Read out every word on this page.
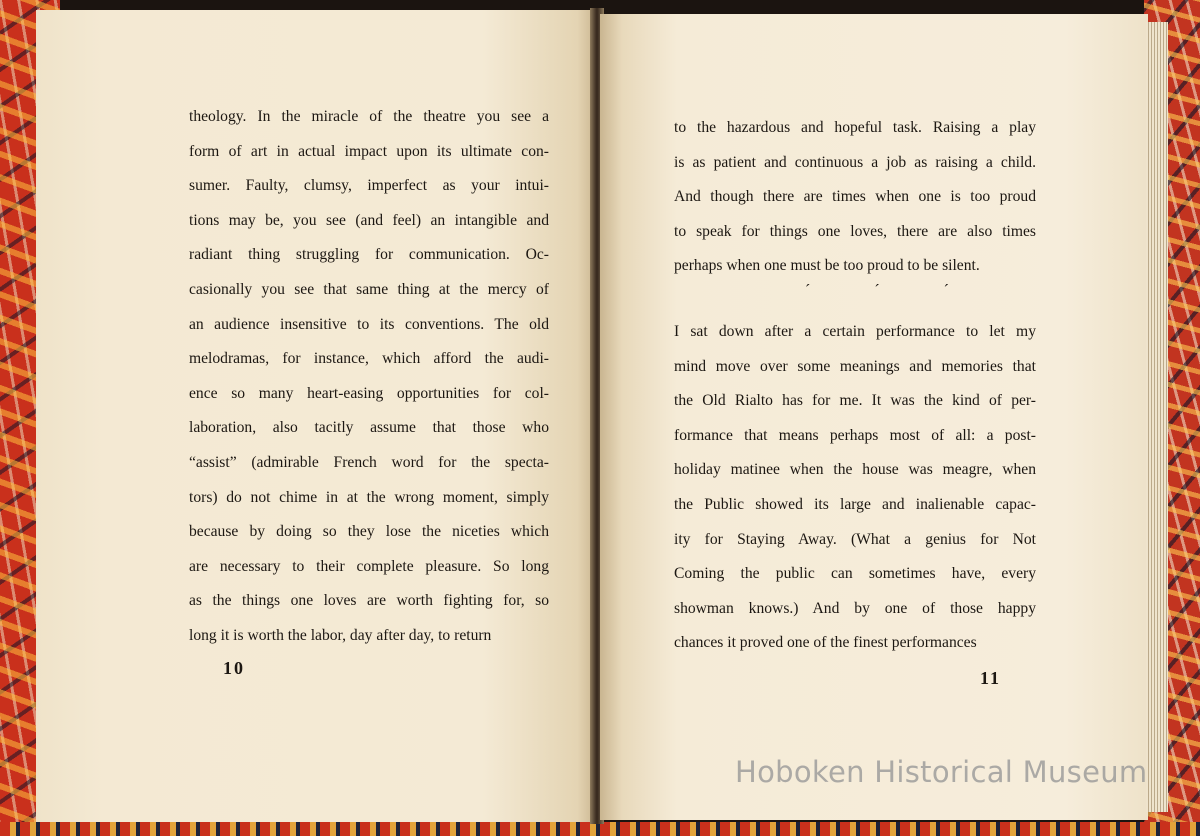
theology. In the miracle of the theatre you see a
form of art in actual impact upon its ultimate con-
sumer. Faulty, clumsy, imperfect as your intui-
tions may be, you see (and feel) an intangible and
radiant thing struggling for communication. Oc-
casionally you see that same thing at the mercy of
an audience insensitive to its conventions. The old
melodramas, for instance, which afford the audi-
ence so many heart-easing opportunities for col-
laboration, also tacitly assume that those who
“assist” (admirable French word for the specta-
tors) do not chime in at the wrong moment, simply
because by doing so they lose the niceties which
are necessary to their complete pleasure. So long
as the things one loves are worth fighting for, so
long it is worth the labor, day after day, to return
10
to the hazardous and hopeful task. Raising a play
is as patient and continuous a job as raising a child.
And though there are times when one is too proud
to speak for things one loves, there are also times
perhaps when one must be too proud to be silent.
ˊ ˊ ˊ
I sat down after a certain performance to let my
mind move over some meanings and memories that
the Old Rialto has for me. It was the kind of per-
formance that means perhaps most of all: a post-
holiday matinee when the house was meagre, when
the Public showed its large and inalienable capac-
ity for Staying Away. (What a genius for Not
Coming the public can sometimes have, every
showman knows.) And by one of those happy
chances it proved one of the finest performances
11
Hoboken Historical Museum
